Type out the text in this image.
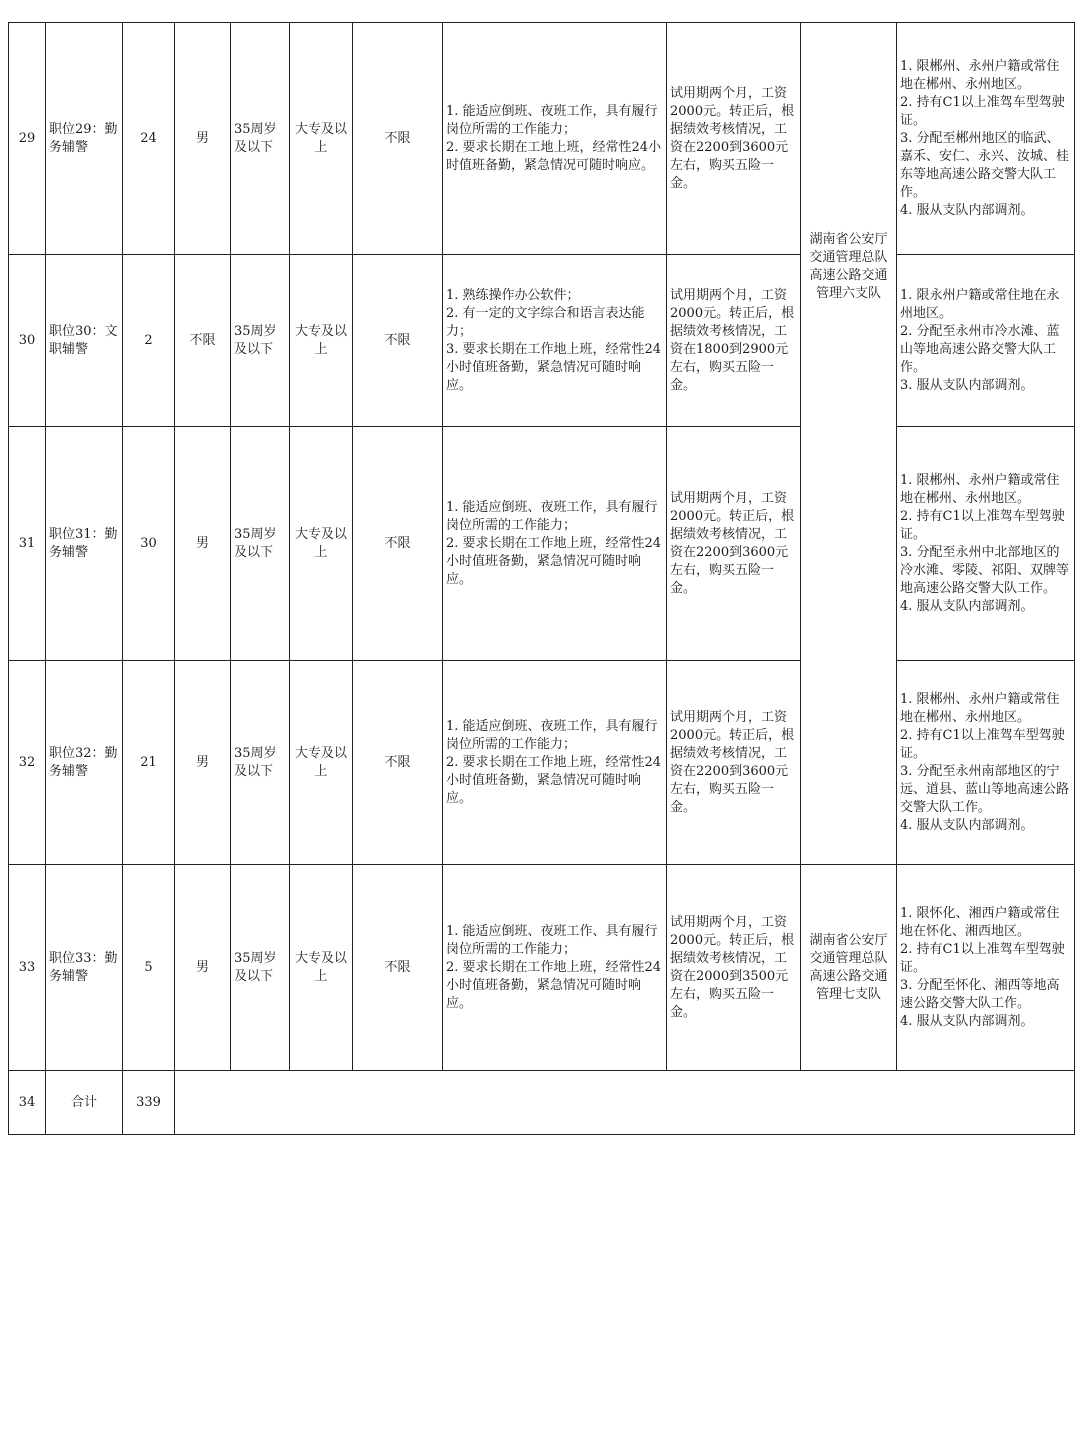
29	职位29：勤务辅警	24	男	35周岁及以下	大专及以上	不限	1. 能适应倒班、夜班工作，具有履行岗位所需的工作能力；
2. 要求长期在工地上班，经常性24小时值班备勤，紧急情况可随时响应。	试用期两个月，工资2000元。转正后，根据绩效考核情况，工资在2200到3600元左右，购买五险一金。	湖南省公安厅交通管理总队高速公路交通管理六支队	1. 限郴州、永州户籍或常住地在郴州、永州地区。
2. 持有C1以上准驾车型驾驶证。
3. 分配至郴州地区的临武、嘉禾、安仁、永兴、汝城、桂东等地高速公路交警大队工作。
4. 服从支队内部调剂。

30	职位30：文职辅警	2	不限	35周岁及以下	大专及以上	不限	1. 熟练操作办公软件；
2. 有一定的文字综合和语言表达能力；
3. 要求长期在工作地上班，经常性24小时值班备勤，紧急情况可随时响应。	试用期两个月，工资2000元。转正后，根据绩效考核情况，工资在1800到2900元左右，购买五险一金。		1. 限永州户籍或常住地在永州地区。
2. 分配至永州市冷水滩、蓝山等地高速公路交警大队工作。
3. 服从支队内部调剂。

31	职位31：勤务辅警	30	男	35周岁及以下	大专及以上	不限	1. 能适应倒班、夜班工作，具有履行岗位所需的工作能力；
2. 要求长期在工作地上班，经常性24小时值班备勤，紧急情况可随时响应。	试用期两个月，工资2000元。转正后，根据绩效考核情况，工资在2200到3600元左右，购买五险一金。		1. 限郴州、永州户籍或常住地在郴州、永州地区。
2. 持有C1以上准驾车型驾驶证。
3. 分配至永州中北部地区的冷水滩、零陵、祁阳、双牌等地高速公路交警大队工作。
4. 服从支队内部调剂。

32	职位32：勤务辅警	21	男	35周岁及以下	大专及以上	不限	1. 能适应倒班、夜班工作，具有履行岗位所需的工作能力；
2. 要求长期在工作地上班，经常性24小时值班备勤，紧急情况可随时响应。	试用期两个月，工资2000元。转正后，根据绩效考核情况，工资在2200到3600元左右，购买五险一金。		1. 限郴州、永州户籍或常住地在郴州、永州地区。
2. 持有C1以上准驾车型驾驶证。
3. 分配至永州南部地区的宁远、道县、蓝山等地高速公路交警大队工作。
4. 服从支队内部调剂。

33	职位33：勤务辅警	5	男	35周岁及以下	大专及以上	不限	1. 能适应倒班、夜班工作、具有履行岗位所需的工作能力；
2. 要求长期在工作地上班，经常性24小时值班备勤，紧急情况可随时响应。	试用期两个月，工资2000元。转正后，根据绩效考核情况，工资在2000到3500元左右，购买五险一金。	湖南省公安厅交通管理总队高速公路交通管理七支队	1. 限怀化、湘西户籍或常住地在怀化、湘西地区。
2. 持有C1以上准驾车型驾驶证。
3. 分配至怀化、湘西等地高速公路交警大队工作。
4. 服从支队内部调剂。

34	合计	339								
